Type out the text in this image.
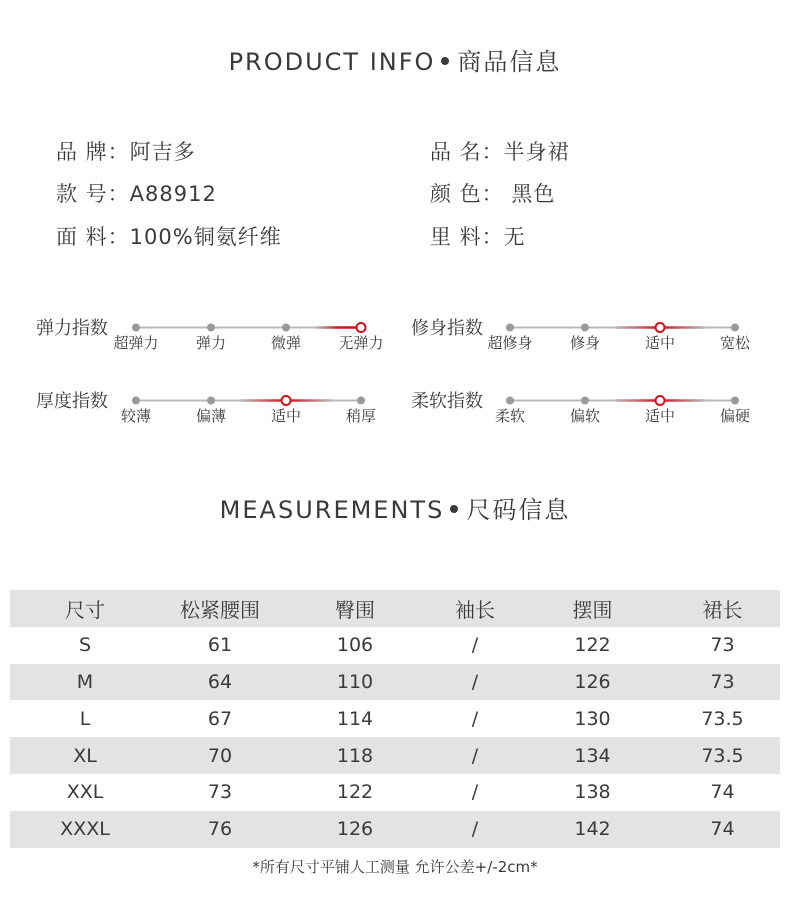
PRODUCT INFO 商品信息
品 牌：阿吉多	品 名：半身裙
款 号：A88912	颜 色： 黑色
面 料：100%铜氨纤维	里 料：无
弹力指数
超弹力 弹力	微弹 无弹力
修身指数
超修身 修身	适中	宽松
厚度指数
较薄	偏薄	适中	稍厚
柔软指数
柔软	偏软	适中	偏硬
MEASUREMENTS 尺码信息
尺寸	松紧腰围	臀围	袖长	摆围	裙长
S	61	106	/	122	73
M	64	110	/	126	73
L	67	114	/	130	73.5
XL	70	118	/	134	73.5
XXL	73	122	/	138	74
XXXL	76	126	/	142	74
*所有尺寸平铺人工测量 允许公差+/-2cm*
